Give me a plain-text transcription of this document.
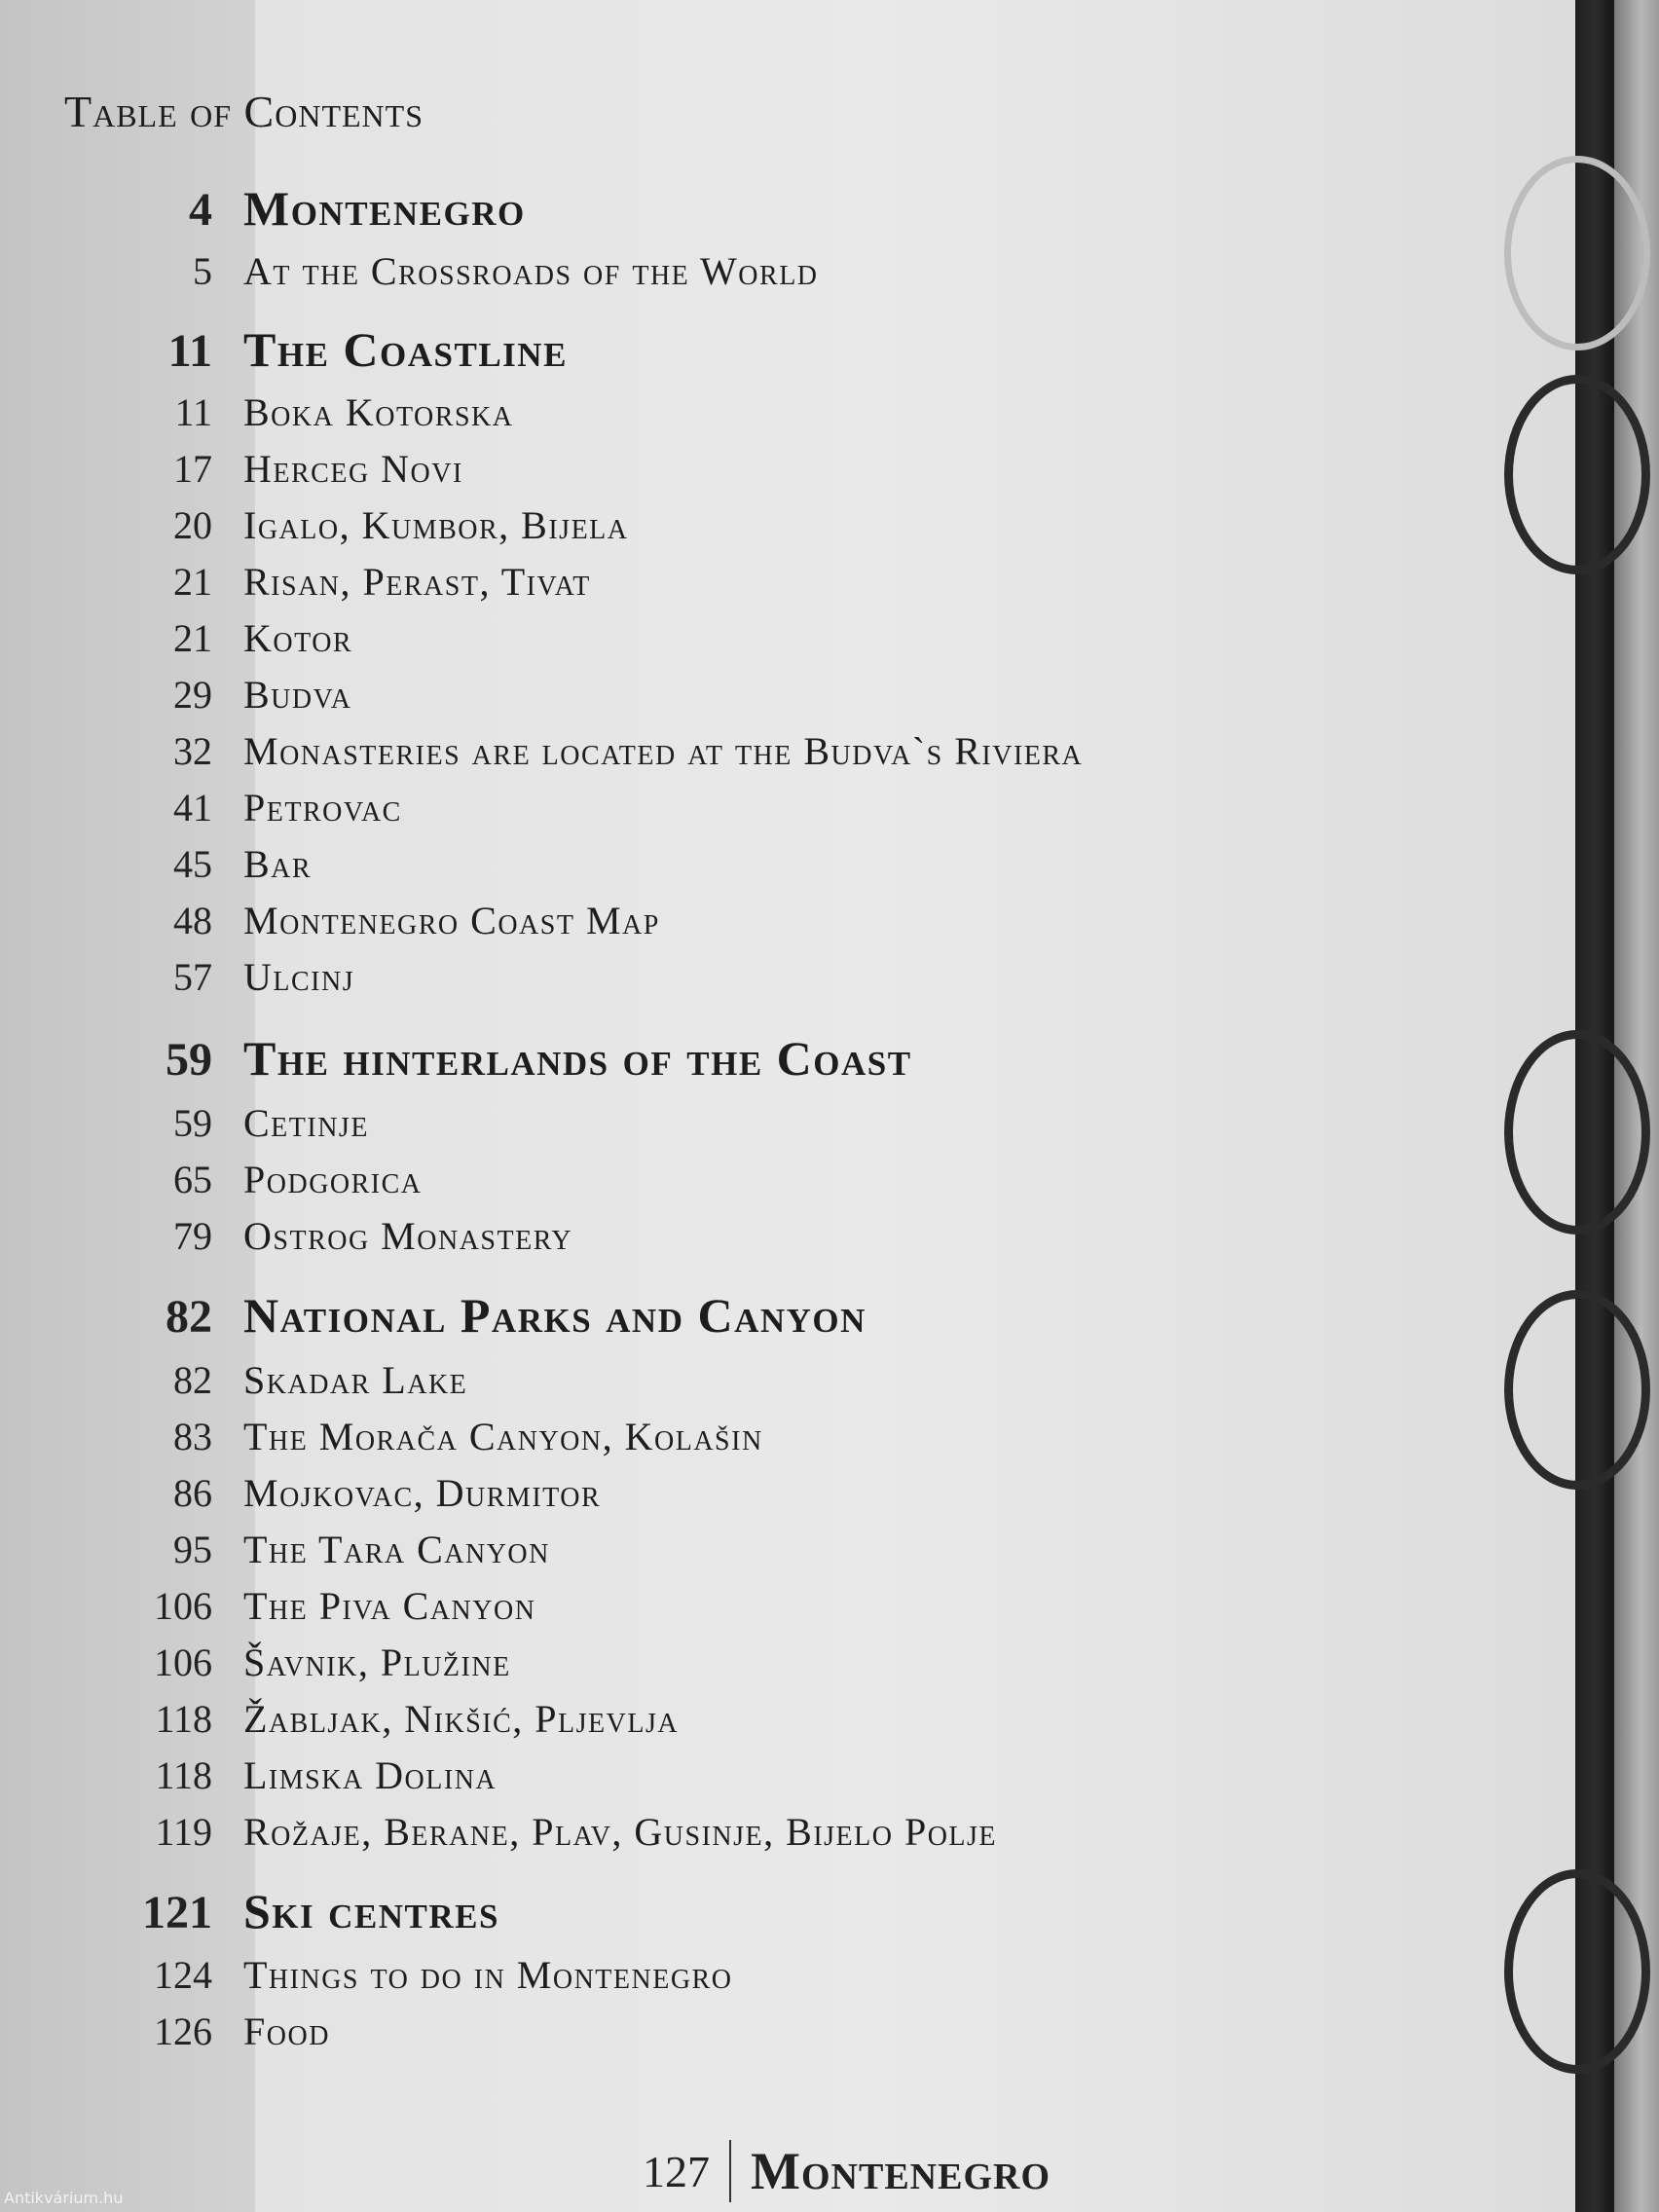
Table of Contents
4 Montenegro
5 At the Crossroads of the World
11 The Coastline
11 Boka Kotorska
17 Herceg Novi
20 Igalo, Kumbor, Bijela
21 Risan, Perast, Tivat
21 Kotor
29 Budva
32 Monasteries are located at the Budva`s Riviera
41 Petrovac
45 Bar
48 Montenegro Coast Map
57 Ulcinj
59 The hinterlands of the Coast
59 Cetinje
65 Podgorica
79 Ostrog Monastery
82 National Parks and Canyon
82 Skadar Lake
83 The Morača Canyon, Kolašin
86 Mojkovac, Durmitor
95 The Tara Canyon
106 The Piva Canyon
106 Šavnik, Plužine
118 Žabljak, Nikšić, Pljevlja
118 Limska Dolina
119 Rožaje, Berane, Plav, Gusinje, Bijelo Polje
121 Ski centres
124 Things to do in Montenegro
126 Food
127 Montenegro
Antikvárium.hu
